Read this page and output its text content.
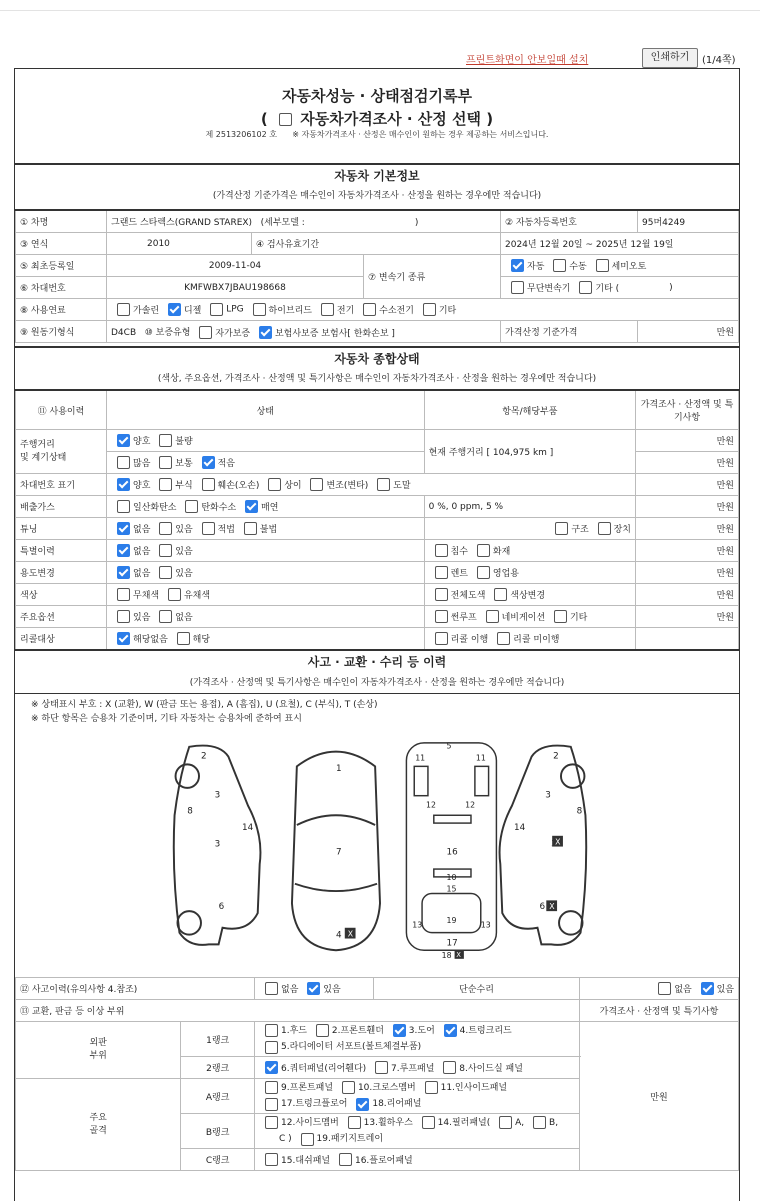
프린트화면이 안보일때 설치	인쇄하기	(1/4쪽)
자동차성능 · 상태점검기록부
( 자동차가격조사 · 산정 선택 )
제 2513206102 호 ※ 자동차가격조사 · 산정은 매수인이 원하는 경우 제공하는 서비스입니다.
자동차 기본정보
(가격산정 기준가격은 매수인이 자동차가격조사 · 산정을 원하는 경우에만 적습니다)
① 차명	그랜드 스타렉스(GRAND STAREX) (세부모델 : )			② 자동차등록번호	95머4249
③ 연식	2010	④ 검사유효기간		2024년 12월 20일 ~ 2025년 12월 19일	
⑤ 최초등록일	2009-11-04		⑦ 변속기 종류	자동 수동 세미오토	
⑥ 차대번호	KMFWBX7JBAU198668			무단변속기 기타 ( )	
⑧ 사용연료	가솔린 디젤 LPG 하이브리드 전기 수소전기 기타				
⑨ 원동기형식	D4CB ⑩ 보증유형 자가보증 보험사보증 보험사[ 한화손보 ]			가격산정 기준가격	만원
자동차 종합상태
(색상, 주요옵션, 가격조사 · 산정액 및 특기사항은 매수인이 자동차가격조사 · 산정을 원하는 경우에만 적습니다)
⑪ 사용이력	상태	항목/해당부품	가격조사 · 산정액 및 특기사항
주행거리
및 계기상태	양호 불량	현재 주행거리 [ 104,975 km ]	만원
	많음 보통 적음		만원
차대번호 표기	양호 부식 훼손(오손) 상이 변조(변타) 도말		만원
배출가스	일산화탄소 탄화수소 매연	0 %, 0 ppm, 5 %	만원
튜닝	없음 있음 적법 불법	구조 장치	만원
특별이력	없음 있음	침수 화재	만원
용도변경	없음 있음	렌트 영업용	만원
색상	무채색 유채색	전체도색 색상변경	만원
주요옵션	있음 없음	썬루프 네비게이션 기타	만원
리콜대상	해당없음 해당	리콜 이행 리콜 미이행	
사고 · 교환 · 수리 등 이력
(가격조사 · 산정액 및 특기사항은 매수인이 자동차가격조사 · 산정을 원하는 경우에만 적습니다)
※ 상태표시 부호 : X (교환), W (판금 또는 용접), A (흠집), U (요철), C (부식), T (손상)
※ 하단 항목은 승용차 기준이며, 기타 자동차는 승용차에 준하여 표시
3
3
2
6
8
14
1
7
4 X
5
10
15
16
19
17
18 X
11	11
12	12
13	13
2
3
X
8
14
6 X
⑫ 사고이력(유의사항 4.참조)		없음 있음	단순수리	없음 있음
⑬ 교환, 판금 등 이상 부위				가격조사 · 산정액 및 특기사항
외판
부위	1랭크	1.후드 2.프론트휀더 3.도어 4.트렁크리드
5.라디에이터 서포트(볼트체결부품)		만원
	2랭크	6.쿼터패널(리어휀다) 7.루프패널 8.사이드실 패널		
주요
골격	A랭크	9.프론트패널 10.크로스멤버 11.인사이드패널
17.트렁크플로어 18.리어패널		
	B랭크	12.사이드멤버 13.휠하우스 14.필러패널( A, B,
C ) 19.패키지트레이		
	C랭크	15.대쉬패널 16.플로어패널		
